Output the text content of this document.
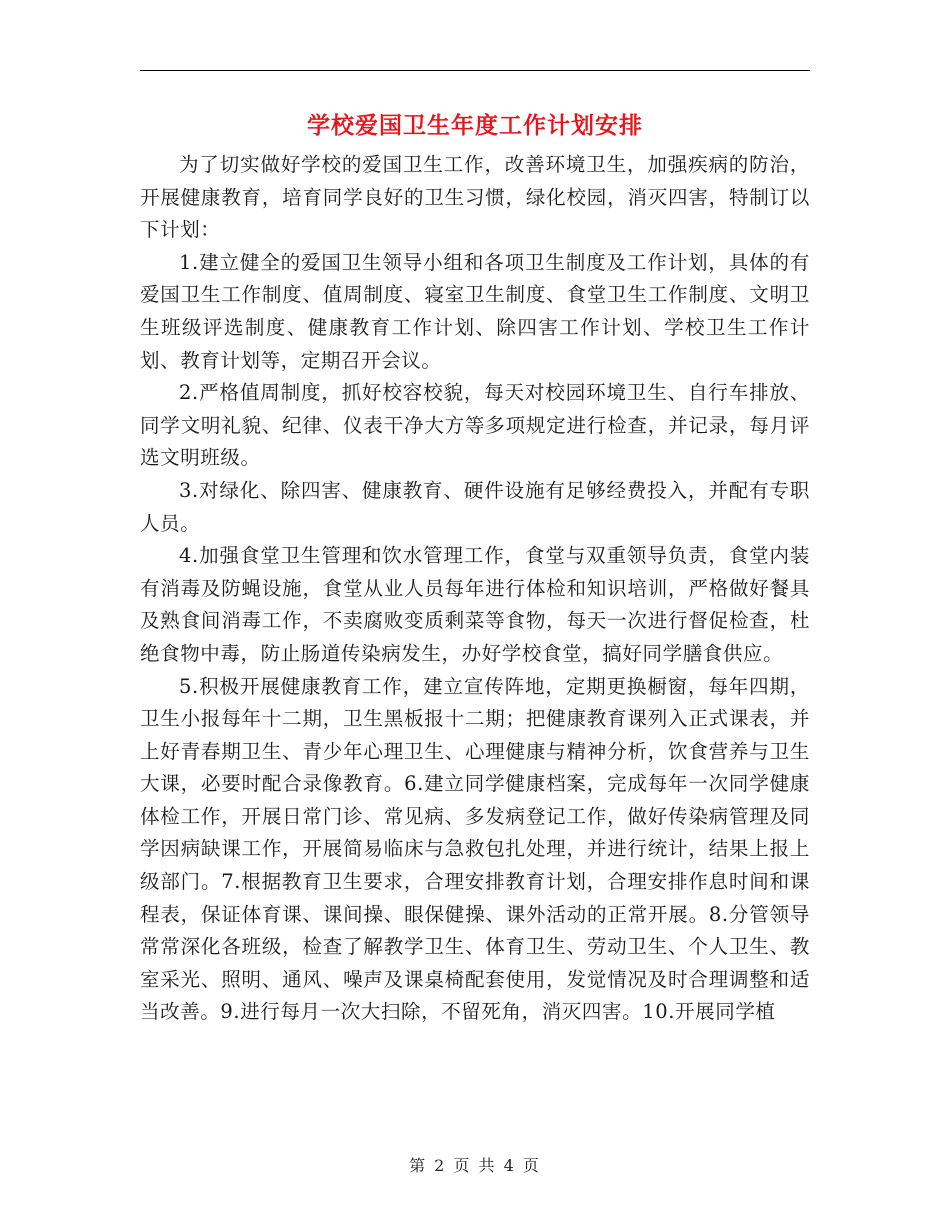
学校爱国卫生年度工作计划安排

为了切实做好学校的爱国卫生工作，改善环境卫生，加强疾病的防治，开展健康教育，培育同学良好的卫生习惯，绿化校园，消灭四害，特制订以下计划：

1.建立健全的爱国卫生领导小组和各项卫生制度及工作计划，具体的有爱国卫生工作制度、值周制度、寝室卫生制度、食堂卫生工作制度、文明卫生班级评选制度、健康教育工作计划、除四害工作计划、学校卫生工作计划、教育计划等，定期召开会议。

2.严格值周制度，抓好校容校貌，每天对校园环境卫生、自行车排放、同学文明礼貌、纪律、仪表干净大方等多项规定进行检查，并记录，每月评选文明班级。

3.对绿化、除四害、健康教育、硬件设施有足够经费投入，并配有专职人员。

4.加强食堂卫生管理和饮水管理工作，食堂与双重领导负责，食堂内装有消毒及防蝇设施，食堂从业人员每年进行体检和知识培训，严格做好餐具及熟食间消毒工作，不卖腐败变质剩菜等食物，每天一次进行督促检查，杜绝食物中毒，防止肠道传染病发生，办好学校食堂，搞好同学膳食供应。

5.积极开展健康教育工作，建立宣传阵地，定期更换橱窗，每年四期，卫生小报每年十二期，卫生黑板报十二期；把健康教育课列入正式课表，并上好青春期卫生、青少年心理卫生、心理健康与精神分析，饮食营养与卫生大课，必要时配合录像教育。6.建立同学健康档案，完成每年一次同学健康体检工作，开展日常门诊、常见病、多发病登记工作，做好传染病管理及同学因病缺课工作，开展简易临床与急救包扎处理，并进行统计，结果上报上级部门。7.根据教育卫生要求，合理安排教育计划，合理安排作息时间和课程表，保证体育课、课间操、眼保健操、课外活动的正常开展。8.分管领导常常深化各班级，检查了解教学卫生、体育卫生、劳动卫生、个人卫生、教室采光、照明、通风、噪声及课桌椅配套使用，发觉情况及时合理调整和适当改善。9.进行每月一次大扫除，不留死角，消灭四害。10.开展同学植

第 2 页 共 4 页
